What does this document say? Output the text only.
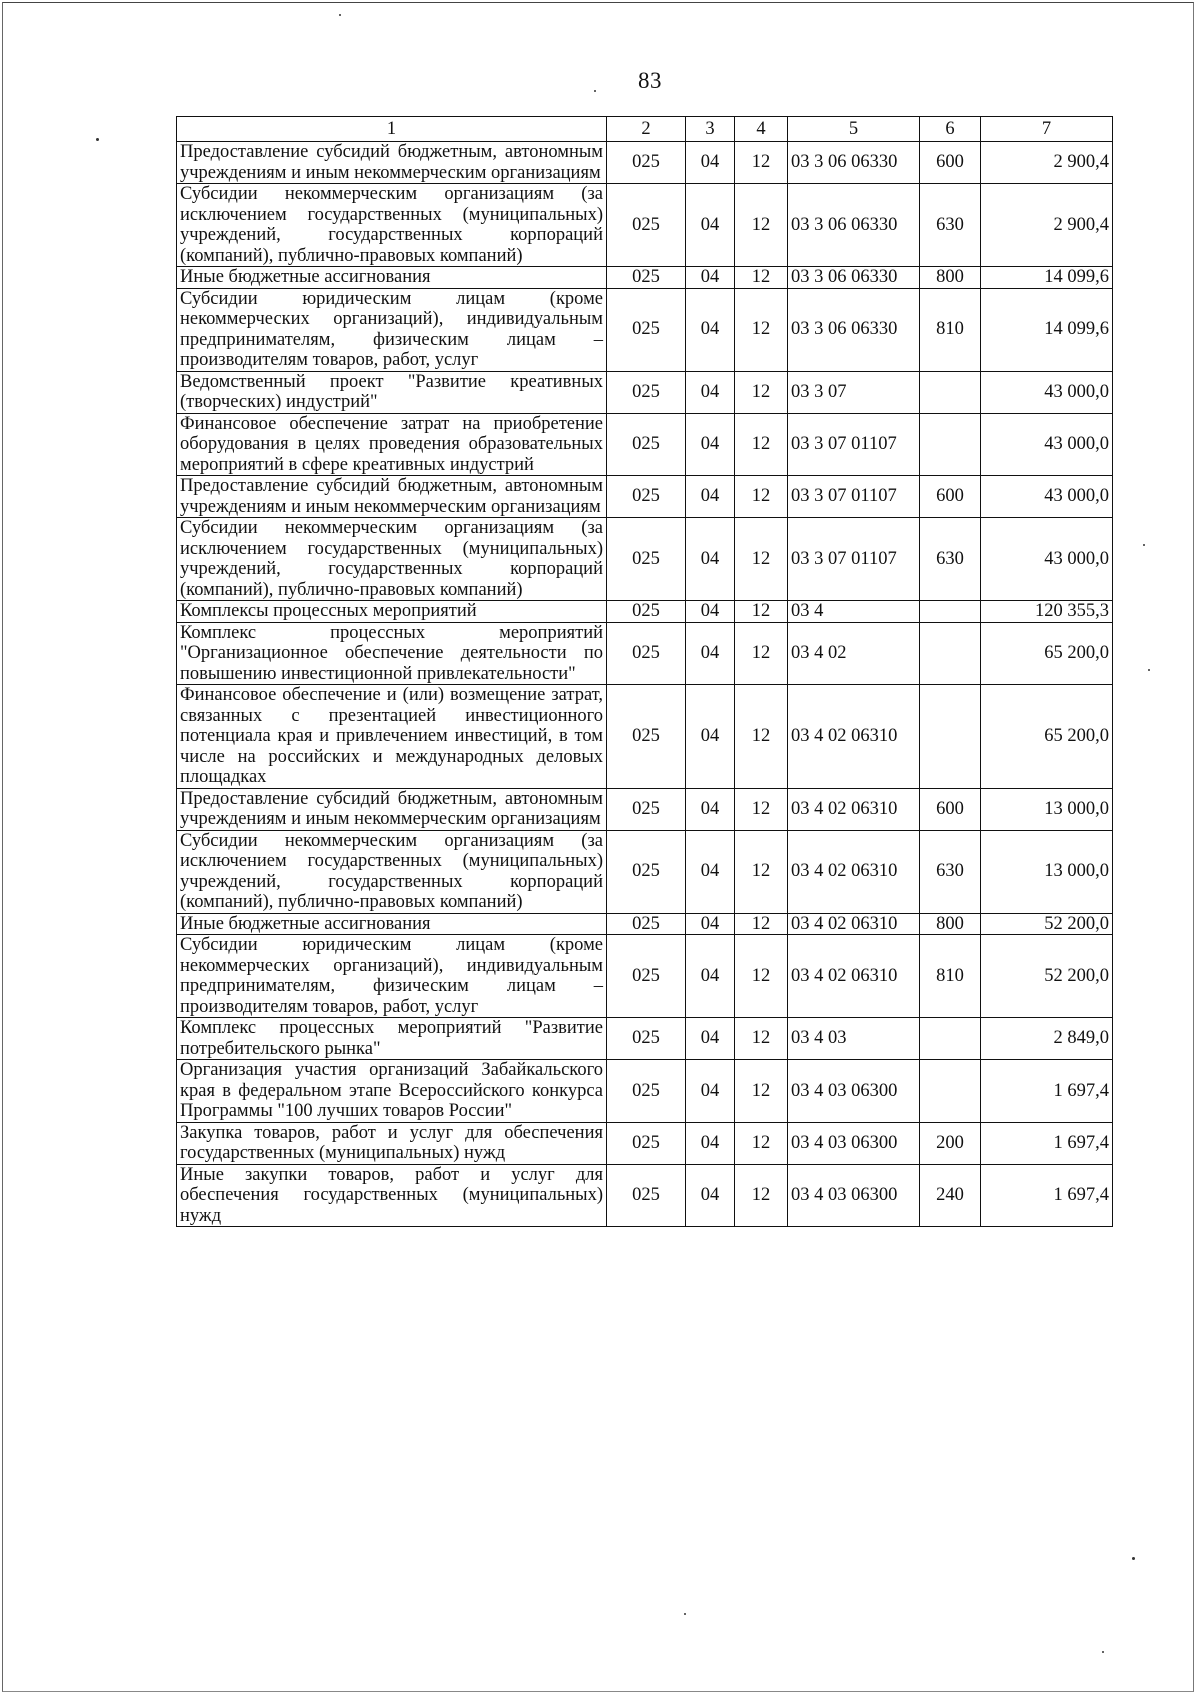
83
1	2	3	4	5	6	7
Предоставление субсидий бюджетным, автономным учреждениям и иным некоммерческим организациям	025	04	12	03 3 06 06330	600	2 900,4
Субсидии некоммерческим организациям (за исключением государственных (муниципальных) учреждений, государственных корпораций (компаний), публично-правовых компаний)	025	04	12	03 3 06 06330	630	2 900,4
Иные бюджетные ассигнования	025	04	12	03 3 06 06330	800	14 099,6
Субсидии юридическим лицам (кроме некоммерческих организаций), индивидуальным предпринимателям, физическим лицам – производителям товаров, работ, услуг	025	04	12	03 3 06 06330	810	14 099,6
Ведомственный проект "Развитие креативных (творческих) индустрий"	025	04	12	03 3 07		43 000,0
Финансовое обеспечение затрат на приобретение оборудования в целях проведения образовательных мероприятий в сфере креативных индустрий	025	04	12	03 3 07 01107		43 000,0
Предоставление субсидий бюджетным, автономным учреждениям и иным некоммерческим организациям	025	04	12	03 3 07 01107	600	43 000,0
Субсидии некоммерческим организациям (за исключением государственных (муниципальных) учреждений, государственных корпораций (компаний), публично-правовых компаний)	025	04	12	03 3 07 01107	630	43 000,0
Комплексы процессных мероприятий	025	04	12	03 4		120 355,3
Комплекс процессных мероприятий "Организационное обеспечение деятельности по повышению инвестиционной привлекательности"	025	04	12	03 4 02		65 200,0
Финансовое обеспечение и (или) возмещение затрат, связанных с презентацией инвестиционного потенциала края и привлечением инвестиций, в том числе на российских и международных деловых площадках	025	04	12	03 4 02 06310		65 200,0
Предоставление субсидий бюджетным, автономным учреждениям и иным некоммерческим организациям	025	04	12	03 4 02 06310	600	13 000,0
Субсидии некоммерческим организациям (за исключением государственных (муниципальных) учреждений, государственных корпораций (компаний), публично-правовых компаний)	025	04	12	03 4 02 06310	630	13 000,0
Иные бюджетные ассигнования	025	04	12	03 4 02 06310	800	52 200,0
Субсидии юридическим лицам (кроме некоммерческих организаций), индивидуальным предпринимателям, физическим лицам – производителям товаров, работ, услуг	025	04	12	03 4 02 06310	810	52 200,0
Комплекс процессных мероприятий "Развитие потребительского рынка"	025	04	12	03 4 03		2 849,0
Организация участия организаций Забайкальского края в федеральном этапе Всероссийского конкурса Программы "100 лучших товаров России"	025	04	12	03 4 03 06300		1 697,4
Закупка товаров, работ и услуг для обеспечения государственных (муниципальных) нужд	025	04	12	03 4 03 06300	200	1 697,4
Иные закупки товаров, работ и услуг для обеспечения государственных (муниципальных) нужд	025	04	12	03 4 03 06300	240	1 697,4
